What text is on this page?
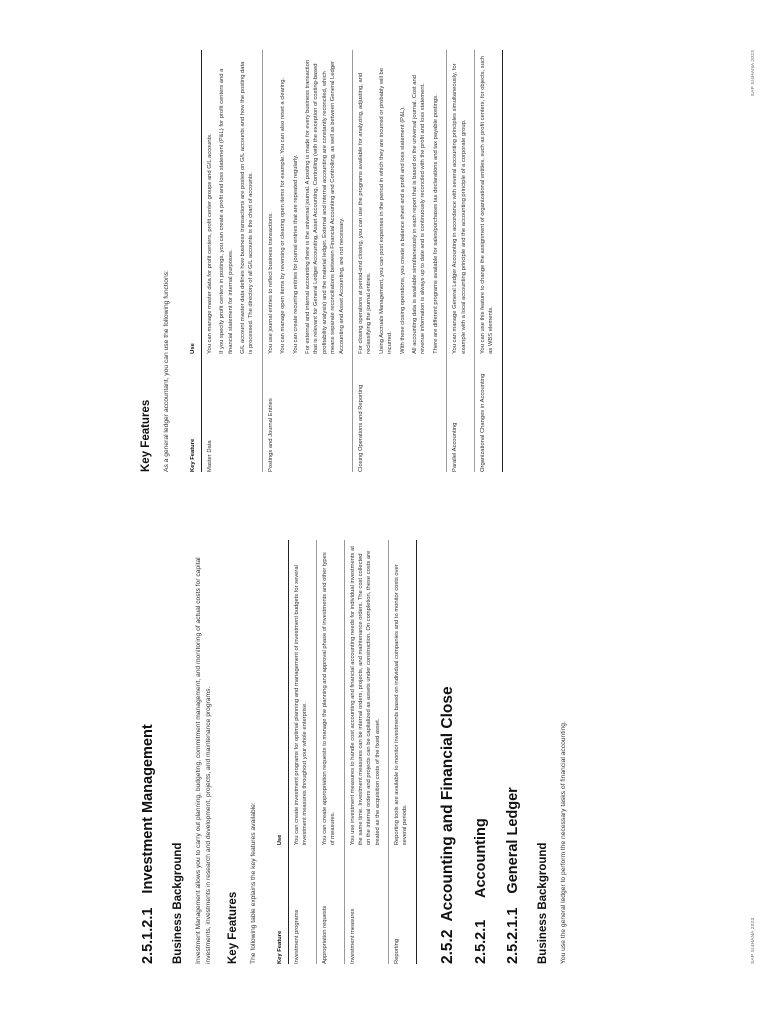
2.5.1.2.1
Investment Management
Business Background Investment Management allows you to carry out planning, budgeting, commitment management, and monitoring of actual costs for capital investments, investments in research and development, projects, and maintenance programs. Key Features The following table explains the key features available:	Key Feature	Use
Investment programs	You can create investment programs for optimal planning and management of investment budgets for several investment measures throughout your whole enterprise.

Appropriation requests	You can create appropriation requests to manage the planning and approval phase of investments and other types of measures.

Investment measures	You use investment measures to handle cost accounting and financial accounting needs for individual investments at the same time. Investment measures can be internal orders, projects, and maintenance orders. The cost collected on the internal orders and projects can be capitalized as assets under construction. On completion, these costs are treated as the acquisition costs of the fixed asset.

Reporting	Reporting tools are available to monitor investments based on individual companies and to monitor costs over several periods.

2.5.2
Accounting and Financial Close
2.5.2.1
Accounting
2.5.2.1.1
General Ledger
Business Background You use the general ledger to perform the necessary tasks of financial accounting.	SAP S/4HANA 2023
Key Features As a general ledger accountant, you can use the following functions:	Key Feature	Use
Master Data	You can manage master data for profit centers, profit center groups and G/L accounts. If you specify profit centers in postings, you can create a profit and loss statement (P&L) for profit centers and a financial statement for internal purposes. G/L account master data defines how business transactions are posted on G/L accounts and how the posting data is processed. The directory of all G/L accounts is the chart of accounts.

Postings and Journal Entries	You use journal entries to reflect business transactions. You can manage open items by reversing or clearing open items for example. You can also reset a clearing. You can create recurring entries for journal entries that are repeated regularly. For external and internal accounting there is the universal journal. A posting is made for every business transaction that is relevant for General Ledger Accounting, Asset Accounting, Controlling (with the exception of costing-based profitability analysis) and the material ledger. External and internal accounting are constantly reconciled, which means separate reconciliations between Financial Accounting and Controlling, as well as between General Ledger Accounting and Asset Accounting, are not necessary.

Closing Operations and Reporting	For closing operations at period-end closing, you can use the programs available for analyzing, adjusting, and reclassifying the journal entries. Using Accruals Management, you can post expenses in the period in which they are incurred or probably will be incurred. With these closing operations, you create a balance sheet and a profit and loss statement (P&L). All accounting data is available simultaneously in each report that is based on the universal journal. Cost and revenue information is always up to date and is continuously reconciled with the profit and loss statement. There are different programs available for sales/purchases tax declarations and tax payable postings.

Parallel Accounting	You can manage General Ledger Accounting in accordance with several accounting principles simultaneously, for example with a local accounting principle and the accounting principle of a corporate group.

Organizational Changes in Accounting	You can use this feature to change the assignment of organizational entities, such as profit centers, for objects, such as WBS elements.

SAP S/4HANA 2023
